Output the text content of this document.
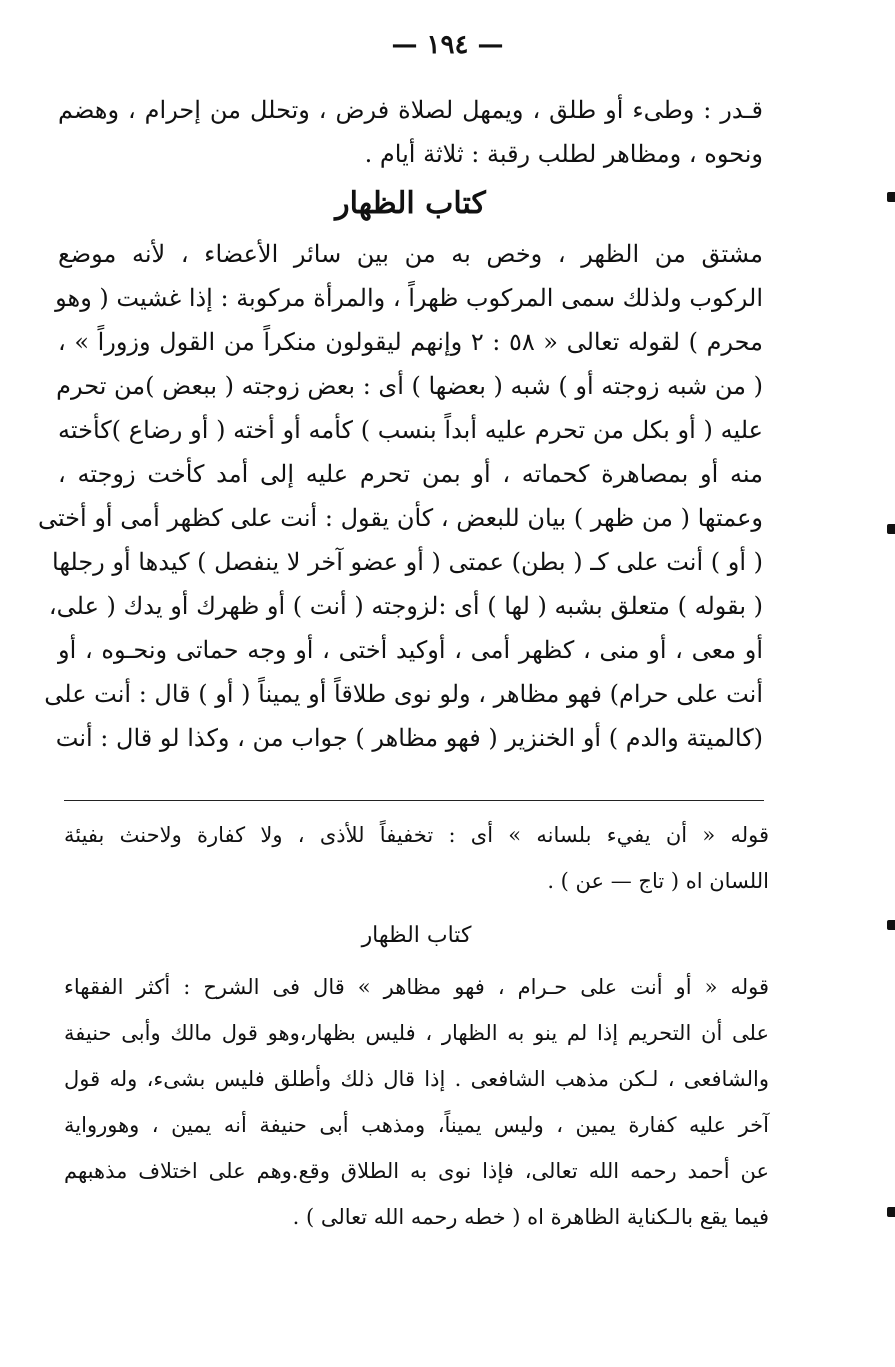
— ١٩٤ —
قـدر : وطىء أو طلق ، ويمهل لصلاة فرض ، وتحلل من إحرام ، وهضم
ونحوه ، ومظاهر لطلب رقبة : ثلاثة أيام .
كتاب الظهار
مشتق من الظهر ، وخص به من بين سائر الأعضاء ، لأنه موضع
الركوب ولذلك سمى المركوب ظهراً ، والمرأة مركوبة : إذا غشيت ( وهو
محرم ) لقوله تعالى « ٥٨ : ٢ وإنهم ليقولون منكراً من القول وزوراً » ،
( من شبه زوجته أو ) شبه ( بعضها ) أى : بعض زوجته ( ببعض )من تحرم
عليه ( أو بكل من تحرم عليه أبداً بنسب ) كأمه أو أخته ( أو رضاع )كأخته
منه أو بمصاهرة كحماته ، أو بمن تحرم عليه إلى أمد كأخت زوجته ،
وعمتها ( من ظهر ) بيان للبعض ، كأن يقول : أنت على كظهر أمى أو أختى
( أو ) أنت على كـ ( بطن) عمتى ( أو عضو آخر لا ينفصل ) كيدها أو رجلها
( بقوله ) متعلق بشبه ( لها ) أى :لزوجته ( أنت ) أو ظهرك أو يدك ( على،
أو معى ، أو منى ، كظهر أمى ، أوكيد أختى ، أو وجه حماتى ونحـوه ، أو
أنت على حرام) فهو مظاهر ، ولو نوى طلاقاً أو يميناً ( أو ) قال : أنت على
(كالميتة والدم ) أو الخنزير ( فهو مظاهر ) جواب من ، وكذا لو قال : أنت
قوله « أن يفيء بلسانه » أى : تخفيفاً للأذى ، ولا كفارة ولاحنث بفيئة
اللسان اه ( تاج — عن ) .
كتاب الظهار
قوله « أو أنت على حـرام ، فهو مظاهر » قال فى الشرح : أكثر الفقهاء
على أن التحريم إذا لم ينو به الظهار ، فليس بظهار،وهو قول مالك وأبى حنيفة
والشافعى ، لـكن مذهب الشافعى . إذا قال ذلك وأطلق فليس بشىء، وله قول
آخر عليه كفارة يمين ، وليس يميناً، ومذهب أبى حنيفة أنه يمين ، وهورواية
عن أحمد رحمه الله تعالى، فإذا نوى به الطلاق وقع.وهم على اختلاف مذهبهم
فيما يقع بالـكناية الظاهرة اه ( خطه رحمه الله تعالى ) .
